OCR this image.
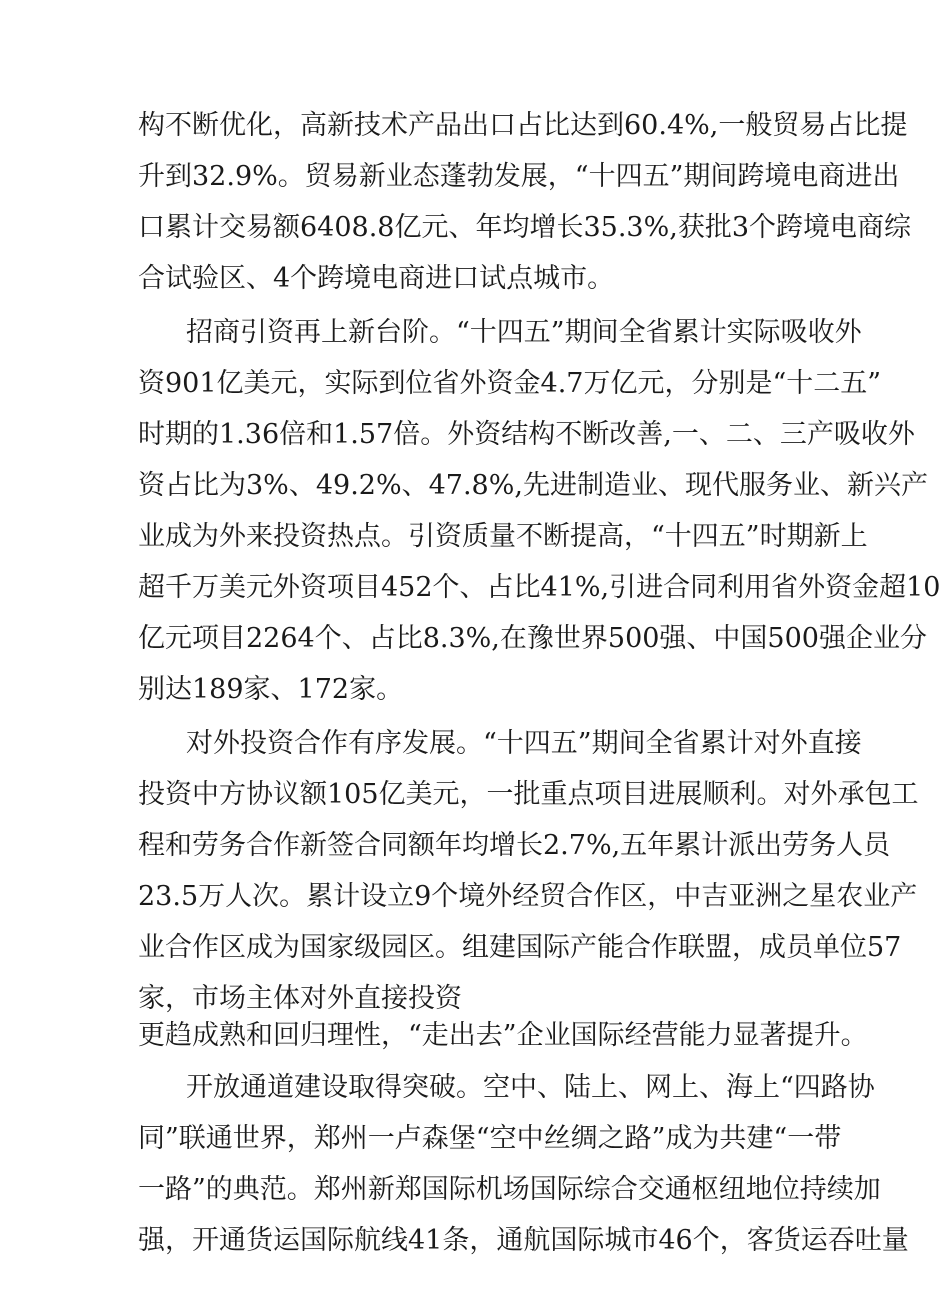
构不断优化，高新技术产品出口占比达到60.4%,一般贸易占比提
升到32.9%。贸易新业态蓬勃发展，“十四五”期间跨境电商进出
口累计交易额6408.8亿元、年均增长35.3%,获批3个跨境电商综
合试验区、4个跨境电商进口试点城市。
招商引资再上新台阶。“十四五”期间全省累计实际吸收外
资901亿美元，实际到位省外资金4.7万亿元，分别是“十二五”
时期的1.36倍和1.57倍。外资结构不断改善,一、二、三产吸收外
资占比为3%、49.2%、47.8%,先进制造业、现代服务业、新兴产
业成为外来投资热点。引资质量不断提高，“十四五”时期新上
超千万美元外资项目452个、占比41%,引进合同利用省外资金超10
亿元项目2264个、占比8.3%,在豫世界500强、中国500强企业分
别达189家、172家。
对外投资合作有序发展。“十四五”期间全省累计对外直接
投资中方协议额105亿美元，一批重点项目进展顺利。对外承包工
程和劳务合作新签合同额年均增长2.7%,五年累计派出劳务人员
23.5万人次。累计设立9个境外经贸合作区，中吉亚洲之星农业产
业合作区成为国家级园区。组建国际产能合作联盟，成员单位57
家，市场主体对外直接投资
更趋成熟和回归理性，“走出去”企业国际经营能力显著提升。
开放通道建设取得突破。空中、陆上、网上、海上“四路协
同”联通世界，郑州一卢森堡“空中丝绸之路”成为共建“一带
一路”的典范。郑州新郑国际机场国际综合交通枢纽地位持续加
强，开通货运国际航线41条，通航国际城市46个，客货运吞吐量
